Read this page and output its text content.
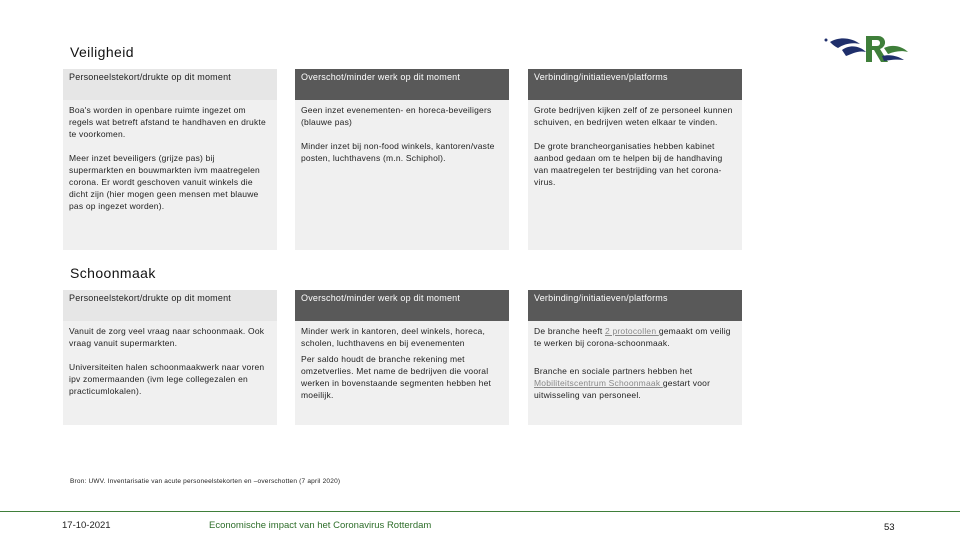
Veiligheid
Personeelstekort/drukte op dit moment

Boa's worden in openbare ruimte ingezet om regels wat betreft afstand te handhaven en drukte te voorkomen.

Meer inzet beveiligers (grijze pas) bij supermarkten en bouwmarkten ivm maatregelen corona. Er wordt geschoven vanuit winkels die dicht zijn (hier mogen geen mensen met blauwe pas op ingezet worden).

Overschot/minder werk op dit moment

Geen inzet evenementen- en horeca-beveiligers (blauwe pas)

Minder inzet bij non-food winkels, kantoren/vaste posten, luchthavens (m.n. Schiphol).

Verbinding/initiatieven/platforms

Grote bedrijven kijken zelf of ze personeel kunnen schuiven, en bedrijven weten elkaar te vinden.

De grote brancheorganisaties hebben kabinet aanbod gedaan om te helpen bij de handhaving van maatregelen ter bestrijding van het corona-virus.

Schoonmaak
Personeelstekort/drukte op dit moment

Vanuit de zorg veel vraag naar schoonmaak. Ook vraag vanuit supermarkten.

Universiteiten halen schoonmaakwerk naar voren ipv zomermaanden (ivm lege collegezalen en practicumlokalen).

Overschot/minder werk op dit moment

Minder werk in kantoren, deel winkels, horeca, scholen, luchthavens en bij evenementen

Per saldo houdt de branche rekening met omzetverlies. Met name de bedrijven die vooral werken in bovenstaande segmenten hebben het moeilijk.

Verbinding/initiatieven/platforms

De branche heeft 2 protocollen gemaakt om veilig te werken bij corona-schoonmaak.

Branche en sociale partners hebben het Mobiliteitscentrum Schoonmaak gestart voor uitwisseling van personeel.

Bron: UWV. Inventarisatie van acute personeelstekorten en –overschotten (7 april 2020)
17-10-2021	Economische impact van het Coronavirus Rotterdam	53
